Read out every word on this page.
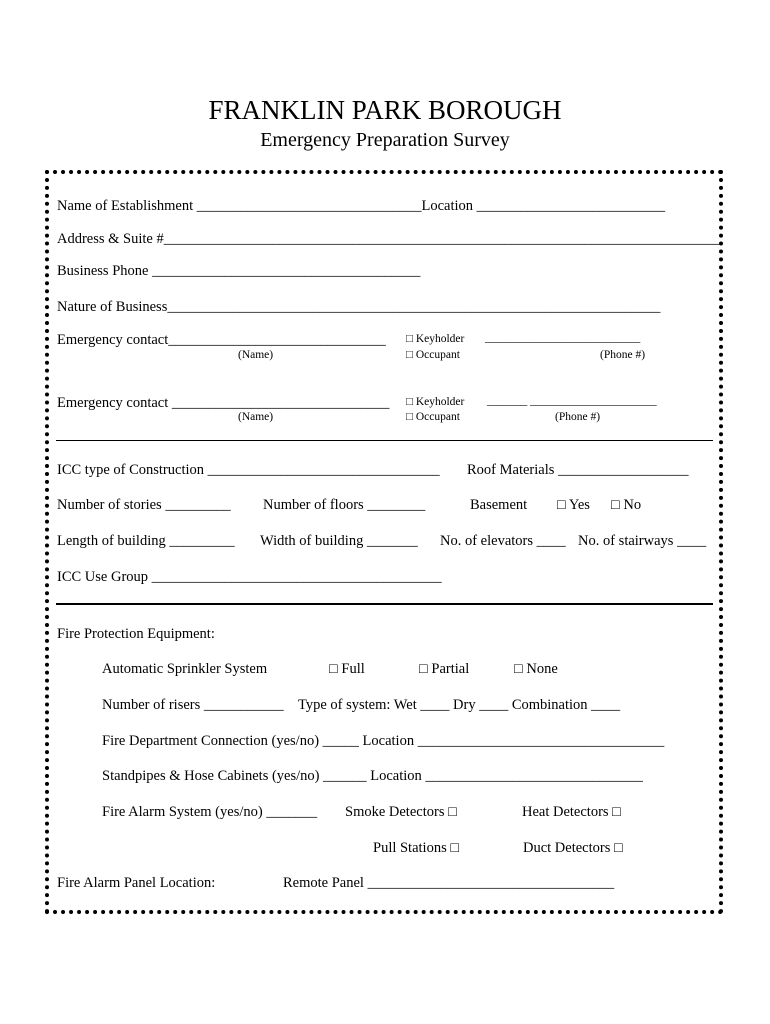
FRANKLIN PARK BOROUGH
Emergency Preparation Survey
Name of Establishment _______________________________Location __________________________
Address & Suite #_____________________________________________________________________________
Business Phone _____________________________________
Nature of Business____________________________________________________________________
Emergency contact______________________________ □ Keyholder ___________________________
(Name)	□ Occupant	(Phone #)
Emergency contact ______________________________ □ Keyholder _______ ______________________
(Name)	□ Occupant	(Phone #)
ICC type of Construction ________________________________ Roof Materials __________________
Number of stories _________ Number of floors ________	Basement □ Yes □ No
Length of building _________ Width of building _______ No. of elevators ____ No. of stairways ____
ICC Use Group ________________________________________
Fire Protection Equipment:
Automatic Sprinkler System	□ Full	□ Partial	□ None
Number of risers ___________ Type of system: Wet ____ Dry ____ Combination ____
Fire Department Connection (yes/no) _____ Location __________________________________
Standpipes & Hose Cabinets (yes/no) ______ Location ______________________________
Fire Alarm System (yes/no) _______ Smoke Detectors □	Heat Detectors □
Pull Stations □	Duct Detectors □
Fire Alarm Panel Location:	Remote Panel __________________________________
